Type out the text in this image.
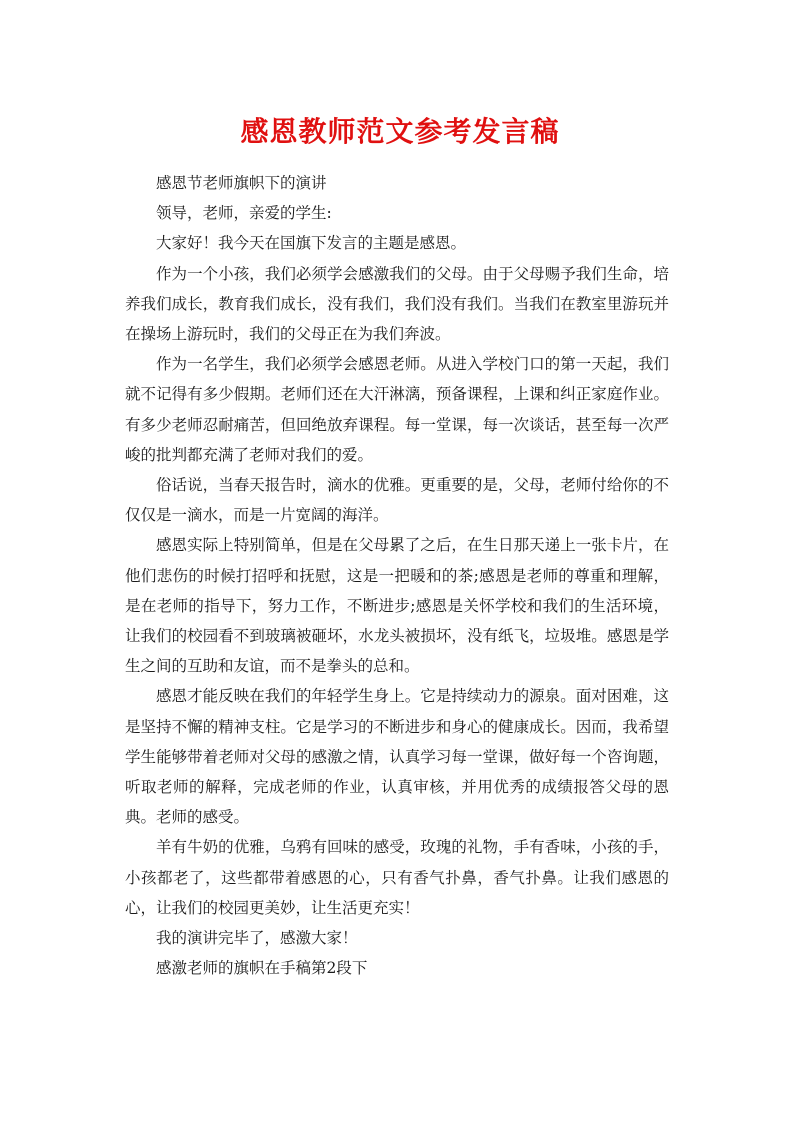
感恩教师范文参考发言稿

感恩节老师旗帜下的演讲

领导，老师，亲爱的学生:

大家好！我今天在国旗下发言的主题是感恩。

作为一个小孩，我们必须学会感激我们的父母。由于父母赐予我们生命，培养我们成长，教育我们成长，没有我们，我们没有我们。当我们在教室里游玩并在操场上游玩时，我们的父母正在为我们奔波。

作为一名学生，我们必须学会感恩老师。从进入学校门口的第一天起，我们就不记得有多少假期。老师们还在大汗淋漓，预备课程，上课和纠正家庭作业。有多少老师忍耐痛苦，但回绝放弃课程。每一堂课，每一次谈话，甚至每一次严峻的批判都充满了老师对我们的爱。

俗话说，当春天报告时，滴水的优雅。更重要的是，父母，老师付给你的不仅仅是一滴水，而是一片宽阔的海洋。

感恩实际上特别简单，但是在父母累了之后，在生日那天递上一张卡片，在他们悲伤的时候打招呼和抚慰，这是一把暖和的茶;感恩是老师的尊重和理解，是在老师的指导下，努力工作，不断进步;感恩是关怀学校和我们的生活环境，让我们的校园看不到玻璃被砸坏，水龙头被损坏，没有纸飞，垃圾堆。感恩是学生之间的互助和友谊，而不是拳头的总和。

感恩才能反映在我们的年轻学生身上。它是持续动力的源泉。面对困难，这是坚持不懈的精神支柱。它是学习的不断进步和身心的健康成长。因而，我希望学生能够带着老师对父母的感激之情，认真学习每一堂课，做好每一个咨询题，听取老师的解释，完成老师的作业，认真审核，并用优秀的成绩报答父母的恩典。老师的感受。

羊有牛奶的优雅，乌鸦有回味的感受，玫瑰的礼物，手有香味，小孩的手，小孩都老了，这些都带着感恩的心，只有香气扑鼻，香气扑鼻。让我们感恩的心，让我们的校园更美妙，让生活更充实！

我的演讲完毕了，感激大家！

感激老师的旗帜在手稿第2段下
